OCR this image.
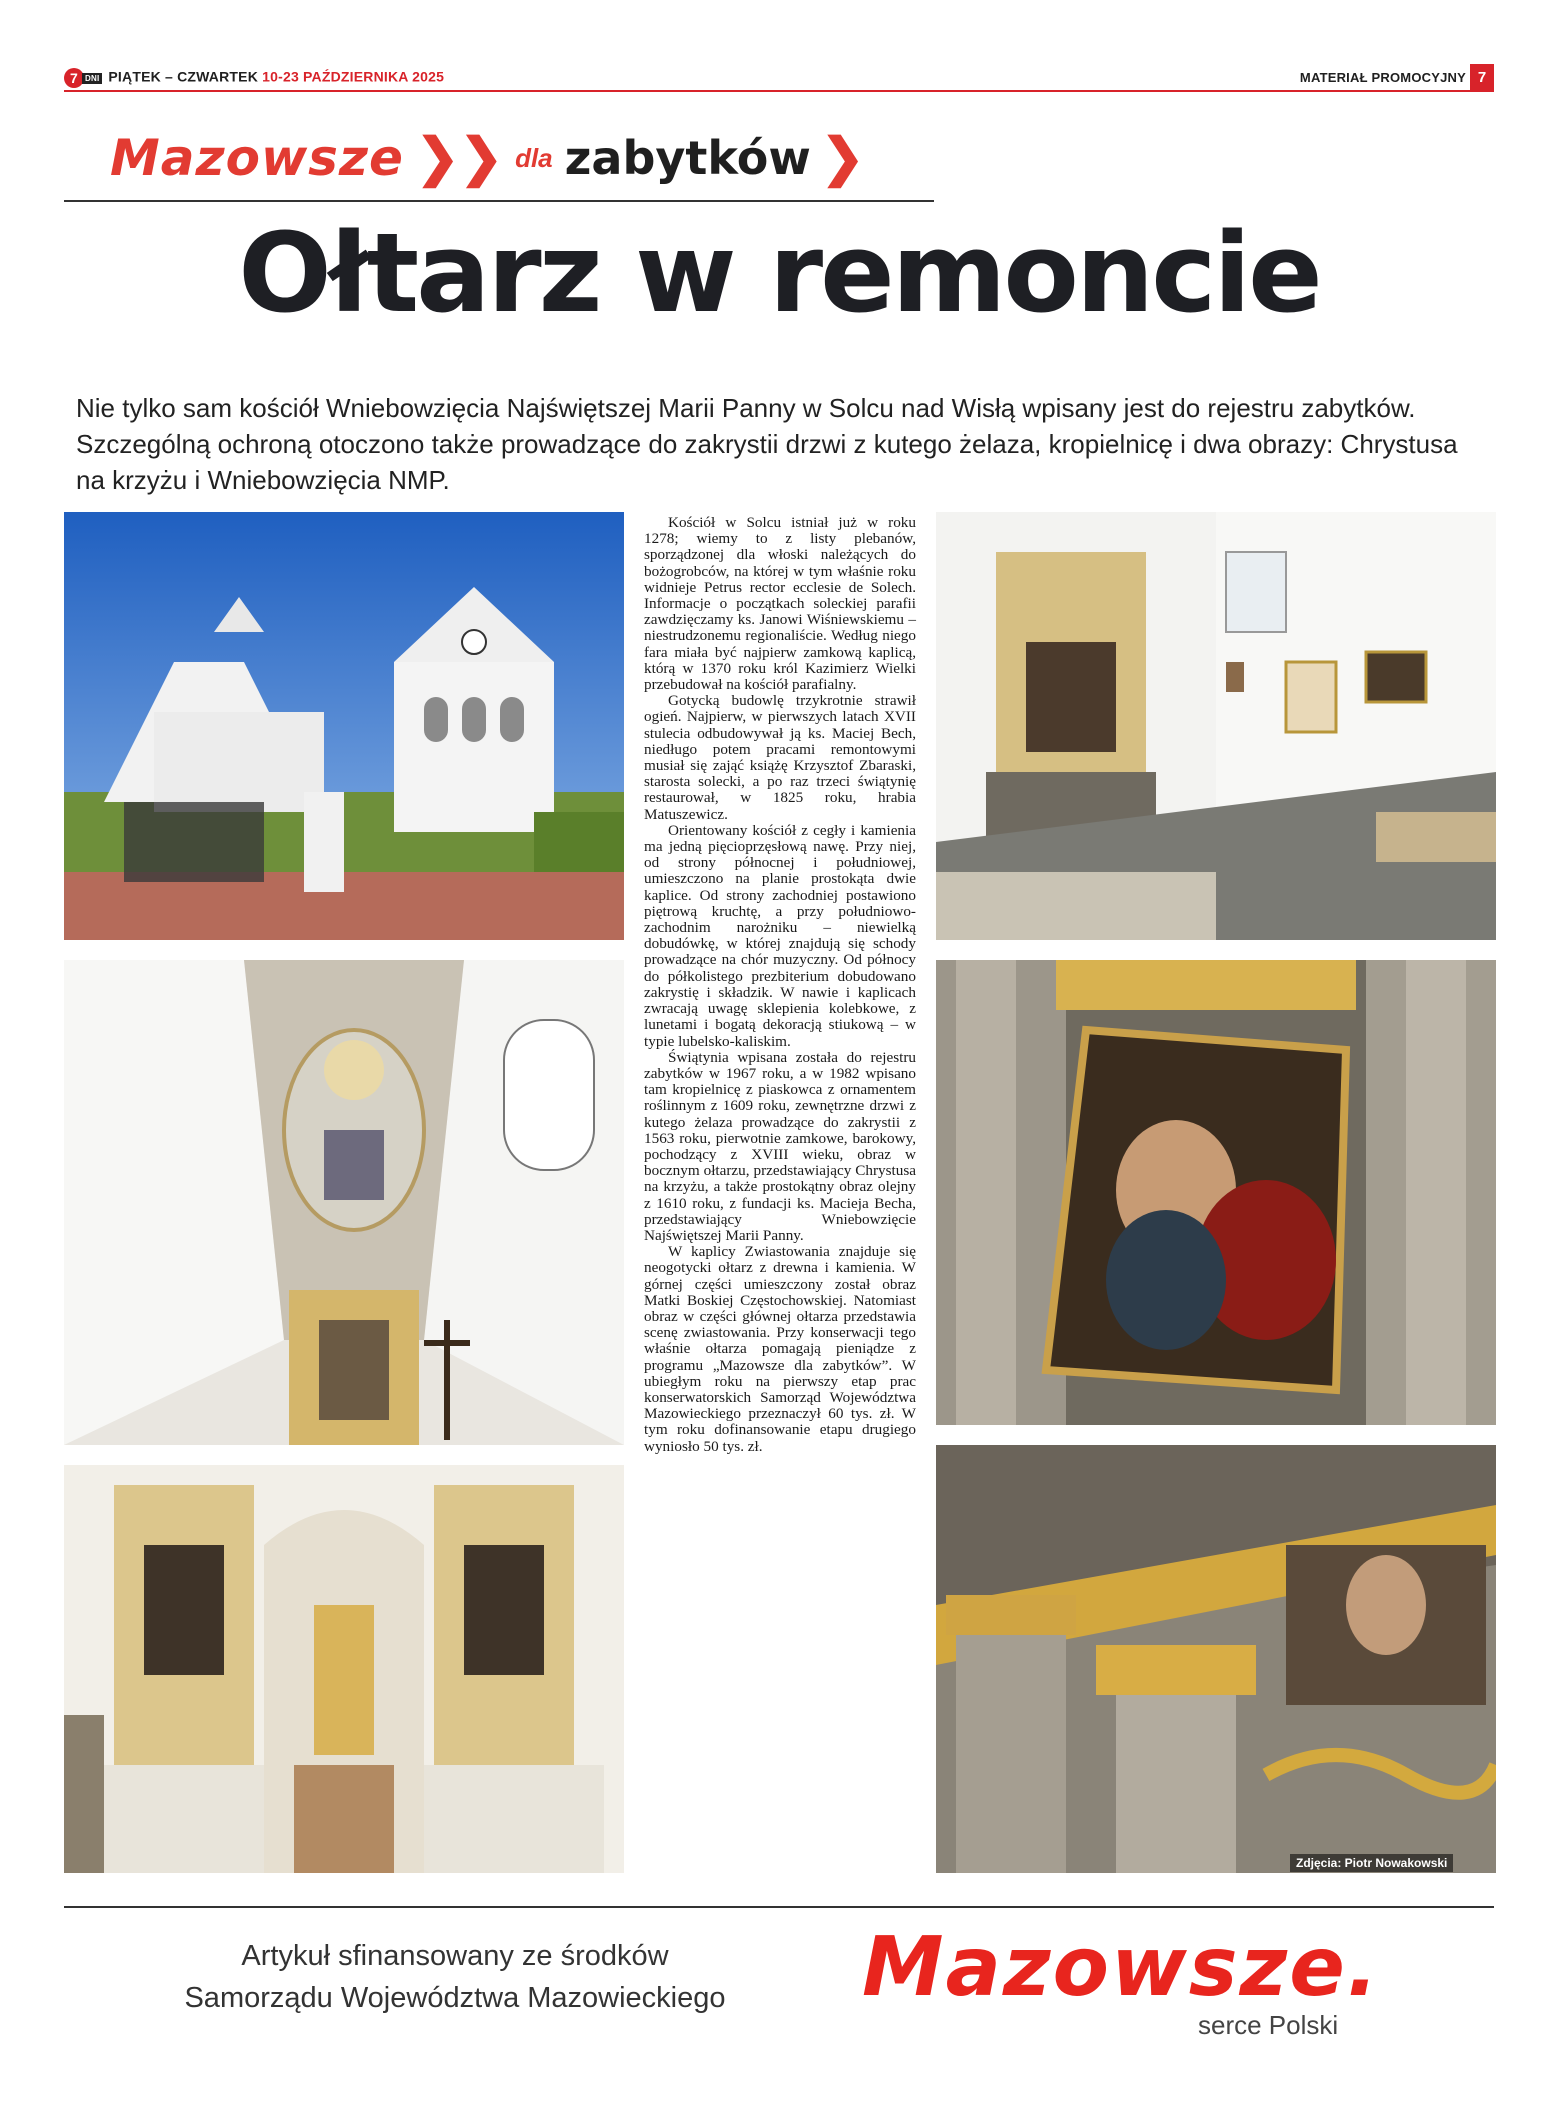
7 DNI PIĄTEK – CZWARTEK 10-23 PAŹDZIERNIKA 2025	MATERIAŁ PROMOCYJNY 7
Mazowsze ❯❯ dla zabytków ❯
Ołtarz w remoncie
Nie tylko sam kościół Wniebowzięcia Najświętszej Marii Panny w Solcu nad Wisłą wpisany jest do rejestru zabytków. Szczególną ochroną otoczono także prowadzące do zakrystii drzwi z kutego żelaza, kropielnicę i dwa obrazy: Chrystusa na krzyżu i Wniebowzięcia NMP.
Zdjęcia: Piotr Nowakowski

Kościół w Solcu istniał już w roku 1278; wiemy to z listy plebanów, sporządzonej dla włoski należących do bożogrobców, na której w tym właśnie roku widnieje Petrus rector ecclesie de Solech. Informacje o początkach soleckiej parafii zawdzięczamy ks. Janowi Wiśniewskiemu – niestrudzonemu regionaliście. Według niego fara miała być najpierw zamkową kaplicą, którą w 1370 roku król Kazimierz Wielki przebudował na kościół parafialny.

Gotycką budowlę trzykrotnie strawił ogień. Najpierw, w pierwszych latach XVII stulecia odbudowywał ją ks. Maciej Bech, niedługo potem pracami remontowymi musiał się zająć książę Krzysztof Zbaraski, starosta solecki, a po raz trzeci świątynię restaurował, w 1825 roku, hrabia Matuszewicz.

Orientowany kościół z cegły i kamienia ma jedną pięcioprzęsłową nawę. Przy niej, od strony północnej i południowej, umieszczono na planie prostokąta dwie kaplice. Od strony zachodniej postawiono piętrową kruchtę, a przy południowo-zachodnim narożniku – niewielką dobudówkę, w której znajdują się schody prowadzące na chór muzyczny. Od północy do półkolistego prezbiterium dobudowano zakrystię i składzik. W nawie i kaplicach zwracają uwagę sklepienia kolebkowe, z lunetami i bogatą dekoracją stiukową – w typie lubelsko-kaliskim.

Świątynia wpisana została do rejestru zabytków w 1967 roku, a w 1982 wpisano tam kropielnicę z piaskowca z ornamentem roślinnym z 1609 roku, zewnętrzne drzwi z kutego żelaza prowadzące do zakrystii z 1563 roku, pierwotnie zamkowe, barokowy, pochodzący z XVIII wieku, obraz w bocznym ołtarzu, przedstawiający Chrystusa na krzyżu, a także prostokątny obraz olejny z 1610 roku, z fundacji ks. Macieja Becha, przedstawiający Wniebowzięcie Najświętszej Marii Panny.

W kaplicy Zwiastowania znajduje się neogotycki ołtarz z drewna i kamienia. W górnej części umieszczony został obraz Matki Boskiej Częstochowskiej. Natomiast obraz w części głównej ołtarza przedstawia scenę zwiastowania. Przy konserwacji tego właśnie ołtarza pomagają pieniądze z programu „Mazowsze dla zabytków”. W ubiegłym roku na pierwszy etap prac konserwatorskich Samorząd Województwa Mazowieckiego przeznaczył 60 tys. zł. W tym roku dofinansowanie etapu drugiego wyniosło 50 tys. zł.

Artykuł sfinansowany ze środków
Samorządu Województwa Mazowieckiego	Mazowsze.
serce Polski
